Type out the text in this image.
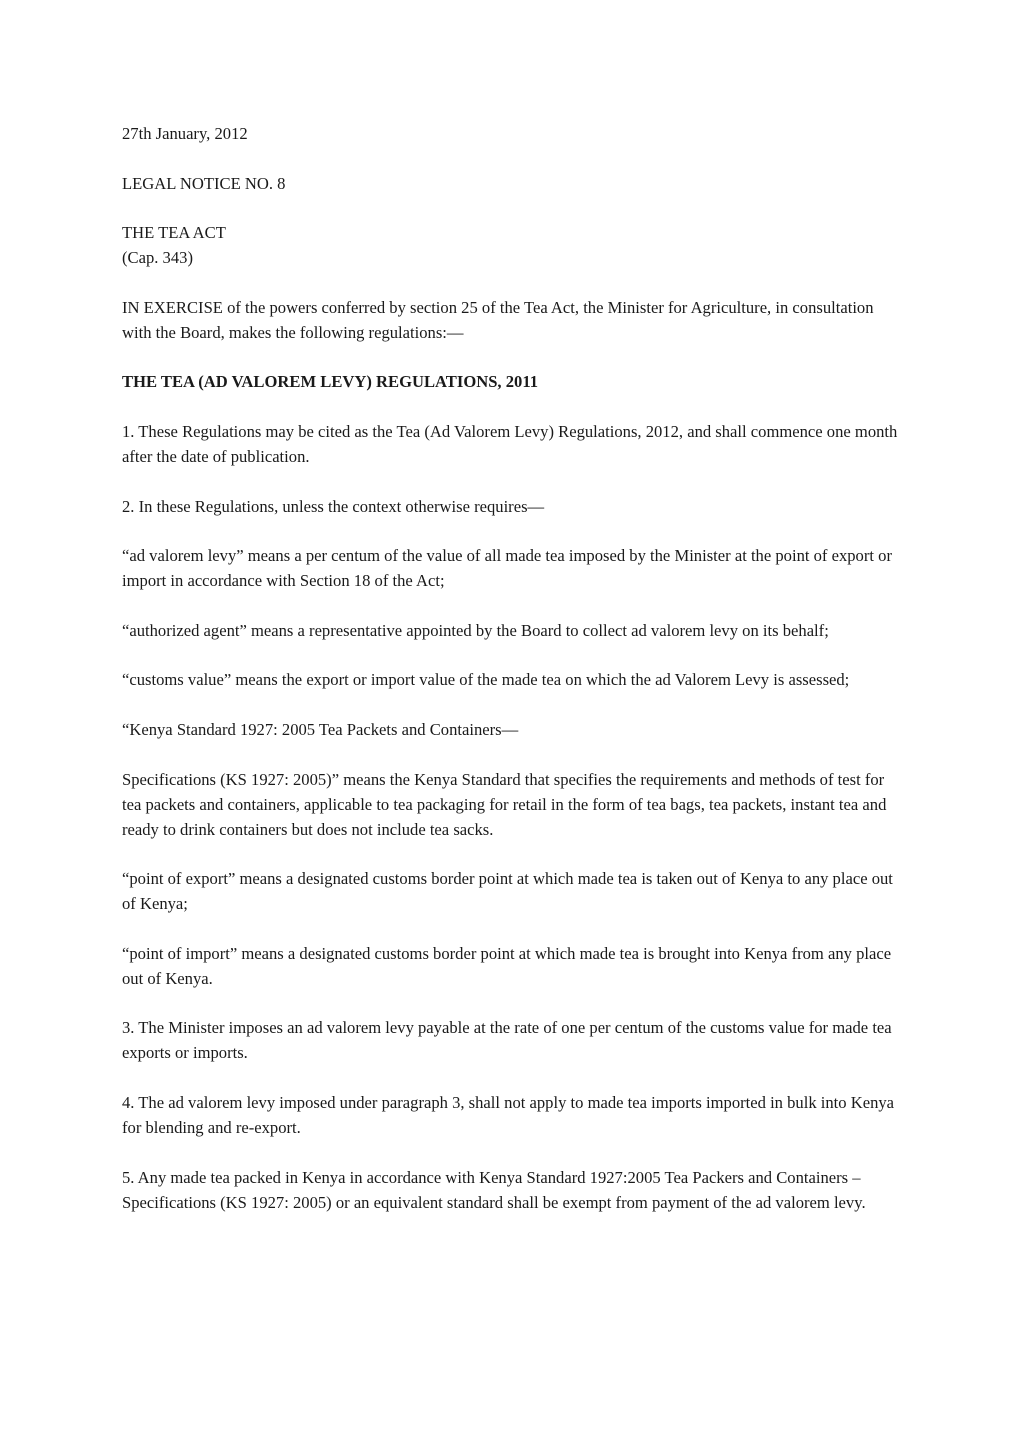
27th January, 2012

LEGAL NOTICE NO. 8

THE TEA ACT

(Cap. 343)

IN EXERCISE of the powers conferred by section 25 of the Tea Act, the Minister for Agriculture, in consultation with the Board, makes the following regulations:—

THE TEA (AD VALOREM LEVY) REGULATIONS, 2011

1. These Regulations may be cited as the Tea (Ad Valorem Levy) Regulations, 2012, and shall commence one month after the date of publication.

2. In these Regulations, unless the context otherwise requires—

“ad valorem levy” means a per centum of the value of all made tea imposed by the Minister at the point of export or import in accordance with Section 18 of the Act;

“authorized agent” means a representative appointed by the Board to collect ad valorem levy on its behalf;

“customs value” means the export or import value of the made tea on which the ad Valorem Levy is assessed;

“Kenya Standard 1927: 2005 Tea Packets and Containers—

Specifications (KS 1927: 2005)” means the Kenya Standard that specifies the requirements and methods of test for tea packets and containers, applicable to tea packaging for retail in the form of tea bags, tea packets, instant tea and ready to drink containers but does not include tea sacks.

“point of export” means a designated customs border point at which made tea is taken out of Kenya to any place out of Kenya;

“point of import” means a designated customs border point at which made tea is brought into Kenya from any place out of Kenya.

3. The Minister imposes an ad valorem levy payable at the rate of one per centum of the customs value for made tea exports or imports.

4. The ad valorem levy imposed under paragraph 3, shall not apply to made tea imports imported in bulk into Kenya for blending and re-export.

5. Any made tea packed in Kenya in accordance with Kenya Standard 1927:2005 Tea Packers and Containers – Specifications (KS 1927: 2005) or an equivalent standard shall be exempt from payment of the ad valorem levy.
